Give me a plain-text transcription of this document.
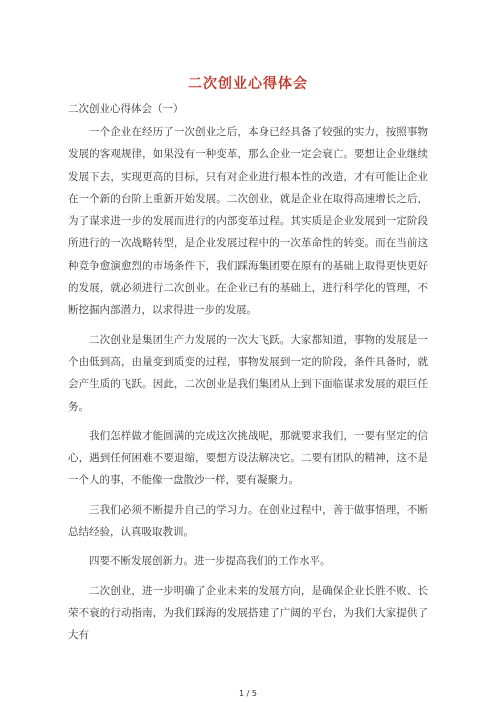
二次创业心得体会

二次创业心得体会（一）

一个企业在经历了一次创业之后，本身已经具备了较强的实力，按照事物发展的客观规律，如果没有一种变革，那么企业一定会衰亡。要想让企业继续发展下去，实现更高的目标，只有对企业进行根本性的改造，才有可能让企业在一个新的台阶上重新开始发展。二次创业，就是企业在取得高速增长之后，为了谋求进一步的发展而进行的内部变革过程。其实质是企业发展到一定阶段所进行的一次战略转型，是企业发展过程中的一次革命性的转变。而在当前这种竞争愈演愈烈的市场条件下，我们踩海集团要在原有的基础上取得更快更好的发展，就必须进行二次创业。在企业已有的基础上，进行科学化的管理，不断挖掘内部潜力，以求得进一步的发展。

二次创业是集团生产力发展的一次大飞跃。大家都知道，事物的发展是一个由低到高，由量变到质变的过程，事物发展到一定的阶段，条件具备时，就会产生质的飞跃。因此，二次创业是我们集团从上到下面临谋求发展的艰巨任务。

我们怎样做才能圆满的完成这次挑战呢，那就要求我们，一要有坚定的信心，遇到任何困难不要退缩，要想方设法解决它。二要有团队的精神，这不是一个人的事，不能像一盘散沙一样，要有凝聚力。

三我们必须不断提升自己的学习力。在创业过程中，善于做事悟理，不断总结经验，认真吸取教训。

四要不断发展创新力。进一步提高我们的工作水平。

二次创业，进一步明确了企业未来的发展方向，是确保企业长胜不败、长荣不衰的行动指南，为我们踩海的发展搭建了广阔的平台，为我们大家提供了大有

1 / 5
